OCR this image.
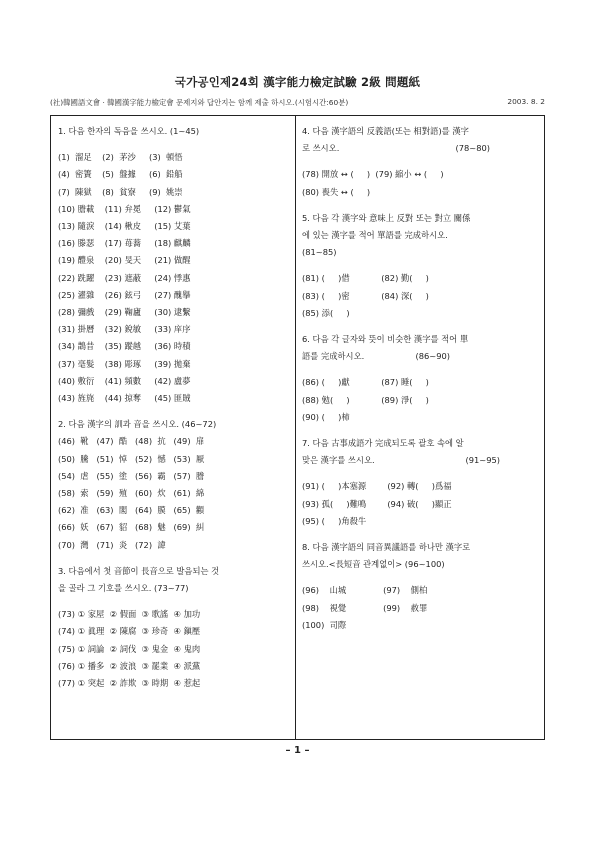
국가공인제24회 漢字能力檢定試驗 2級 問題紙
(社)韓國語文會 · 韓國漢字能力檢定會 문제지와 답안지는 함께 제출 하시오.(시험시간:60분)	2003. 8. 2
1. 다음 한자의 독음을 쓰시오. (1~45)
(1)  溜足    (2)  茅沙     (3)  頓悟
(4)  密簀    (5)  盤據     (6)  鉛船
(7)  陳獄    (8)  貧寮     (9)  姚崇
(10) 謄載    (11) 弁冕     (12) 鬱氣
(13) 隨淚    (14) 楸皮     (15) 艾葉
(16) 滕瑟    (17) 苺蕎     (18) 麒麟
(19) 醴泉    (20) 旻天     (21) 做醒
(22) 跣躍    (23) 遮蔽     (24) 悸惠
(25) 濯雜    (26) 鉉弓     (27) 醜擧
(28) 彌戲    (29) 鞠廬     (30) 逮繫
(31) 掛曆    (32) 銳敏     (33) 庠序
(34) 鵲昔    (35) 蹤越     (36) 時積
(37) 毫髮    (38) 彫琢     (39) 拋棄
(40) 敷衍    (41) 頻數     (42) 盧夢
(43) 旌旄    (44) 掠奪     (45) 匪賊
2. 다음 漢字의 訓과 音을 쓰시오. (46~72)
(46)  靴   (47)  酷   (48)  抗   (49)  扉
(50)  騰   (51)  悼   (52)  憾   (53)  厭
(54)  虐   (55)  塗   (56)  霸   (57)  謄
(58)  索   (59)  殖   (60)  炊   (61)  綿
(62)  准   (63)  閣   (64)  膜   (65)  顴
(66)  妖   (67)  貂   (68)  魅   (69)  糾
(70)  灣   (71)  炎   (72)  諱
3. 다음에서 첫 音節이 長音으로 발음되는 것
을 골라 그 기호를 쓰시오. (73~77)
(73) ① 家屋  ② 假面  ③ 歌謠  ④ 加功
(74) ① 眞理  ② 陳腐  ③ 珍奇  ④ 鎭壓
(75) ① 詞論  ② 詞伐  ③ 鬼金  ④ 鬼肉
(76) ① 播多  ② 波浪  ③ 罷業  ④ 派黨
(77) ① 突起  ② 詐欺  ③ 時期  ④ 惹起
4. 다음 漢字語의 反義語(또는 相對語)를 漢字
로 쓰시오.	(78~80)
(78) 開放 ↔ (     )  (79) 縮小 ↔ (     )
(80) 喪失 ↔ (     )
5. 다음 각 漢字와 意味上 反對 또는 對立 關係
에 있는 漢字를 적어 單語를 完成하시오.
(81~85)
(81) (     )借            (82) 勤(     )
(83) (     )密            (84) 深(     )
(85) 添(     )
6. 다음 각 글자와 뜻이 비슷한 漢字를 적어 單
語를 完成하시오.	(86~90)
(86) (     )獻            (87) 睡(     )
(88) 勉(     )            (89) 淨(     )
(90) (     )柿
7. 다음 古事成語가 完成되도록 괄호 속에 알
맞은 漢字를 쓰시오.	(91~95)
(91) (     )本塞源        (92) 轉(     )爲福
(93) 孤(     )難鳴        (94) 破(     )顯正
(95) (     )角殺牛
8. 다음 漢字語의 同音異議語를 하나만 漢字로
쓰시오.<長短音 관계없이> (96~100)
(96)    山城              (97)    側柏
(98)    視覺              (99)    赦罪
(100)  司際
– 1 –
